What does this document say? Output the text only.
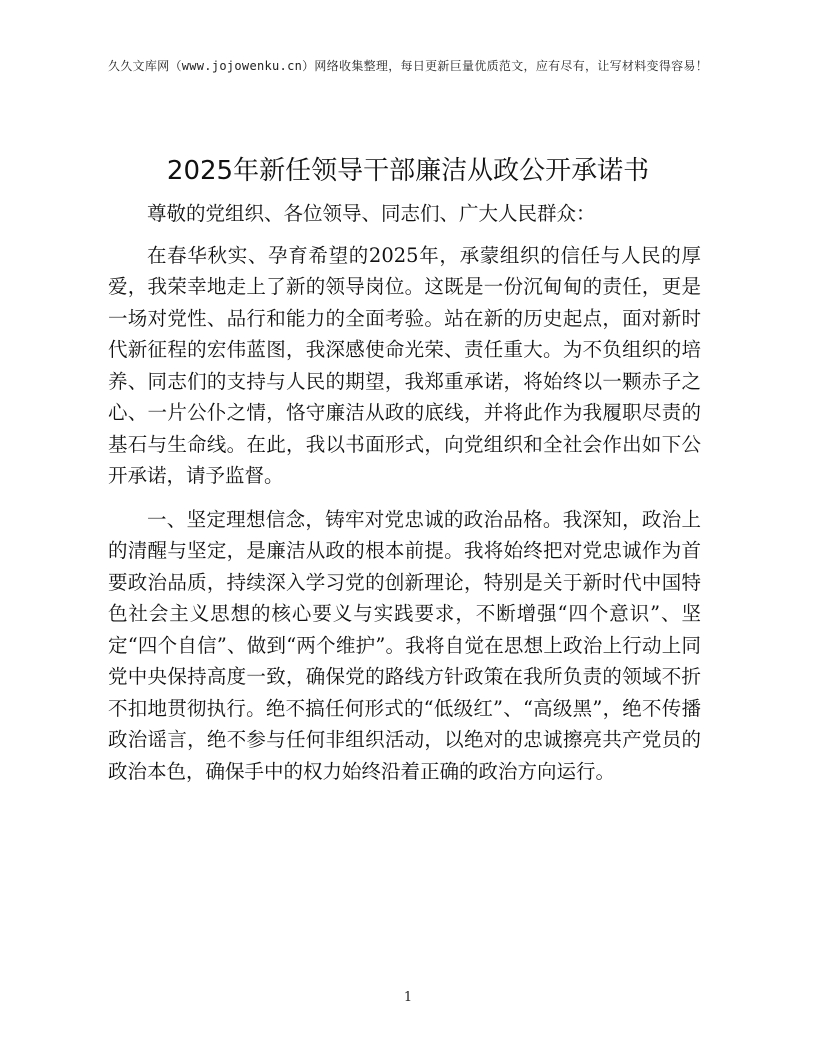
久久文库网（www.jojowenku.cn）网络收集整理，每日更新巨量优质范文，应有尽有，让写材料变得容易！
2025年新任领导干部廉洁从政公开承诺书

尊敬的党组织、各位领导、同志们、广大人民群众：

在春华秋实、孕育希望的2025年，承蒙组织的信任与人民的厚爱，我荣幸地走上了新的领导岗位。这既是一份沉甸甸的责任，更是一场对党性、品行和能力的全面考验。站在新的历史起点，面对新时代新征程的宏伟蓝图，我深感使命光荣、责任重大。为不负组织的培养、同志们的支持与人民的期望，我郑重承诺，将始终以一颗赤子之心、一片公仆之情，恪守廉洁从政的底线，并将此作为我履职尽责的基石与生命线。在此，我以书面形式，向党组织和全社会作出如下公开承诺，请予监督。

一、坚定理想信念，铸牢对党忠诚的政治品格。我深知，政治上的清醒与坚定，是廉洁从政的根本前提。我将始终把对党忠诚作为首要政治品质，持续深入学习党的创新理论，特别是关于新时代中国特色社会主义思想的核心要义与实践要求，不断增强“四个意识”、坚定“四个自信”、做到“两个维护”。我将自觉在思想上政治上行动上同党中央保持高度一致，确保党的路线方针政策在我所负责的领域不折不扣地贯彻执行。绝不搞任何形式的“低级红”、“高级黑”，绝不传播政治谣言，绝不参与任何非组织活动，以绝对的忠诚擦亮共产党员的政治本色，确保手中的权力始终沿着正确的政治方向运行。

1
